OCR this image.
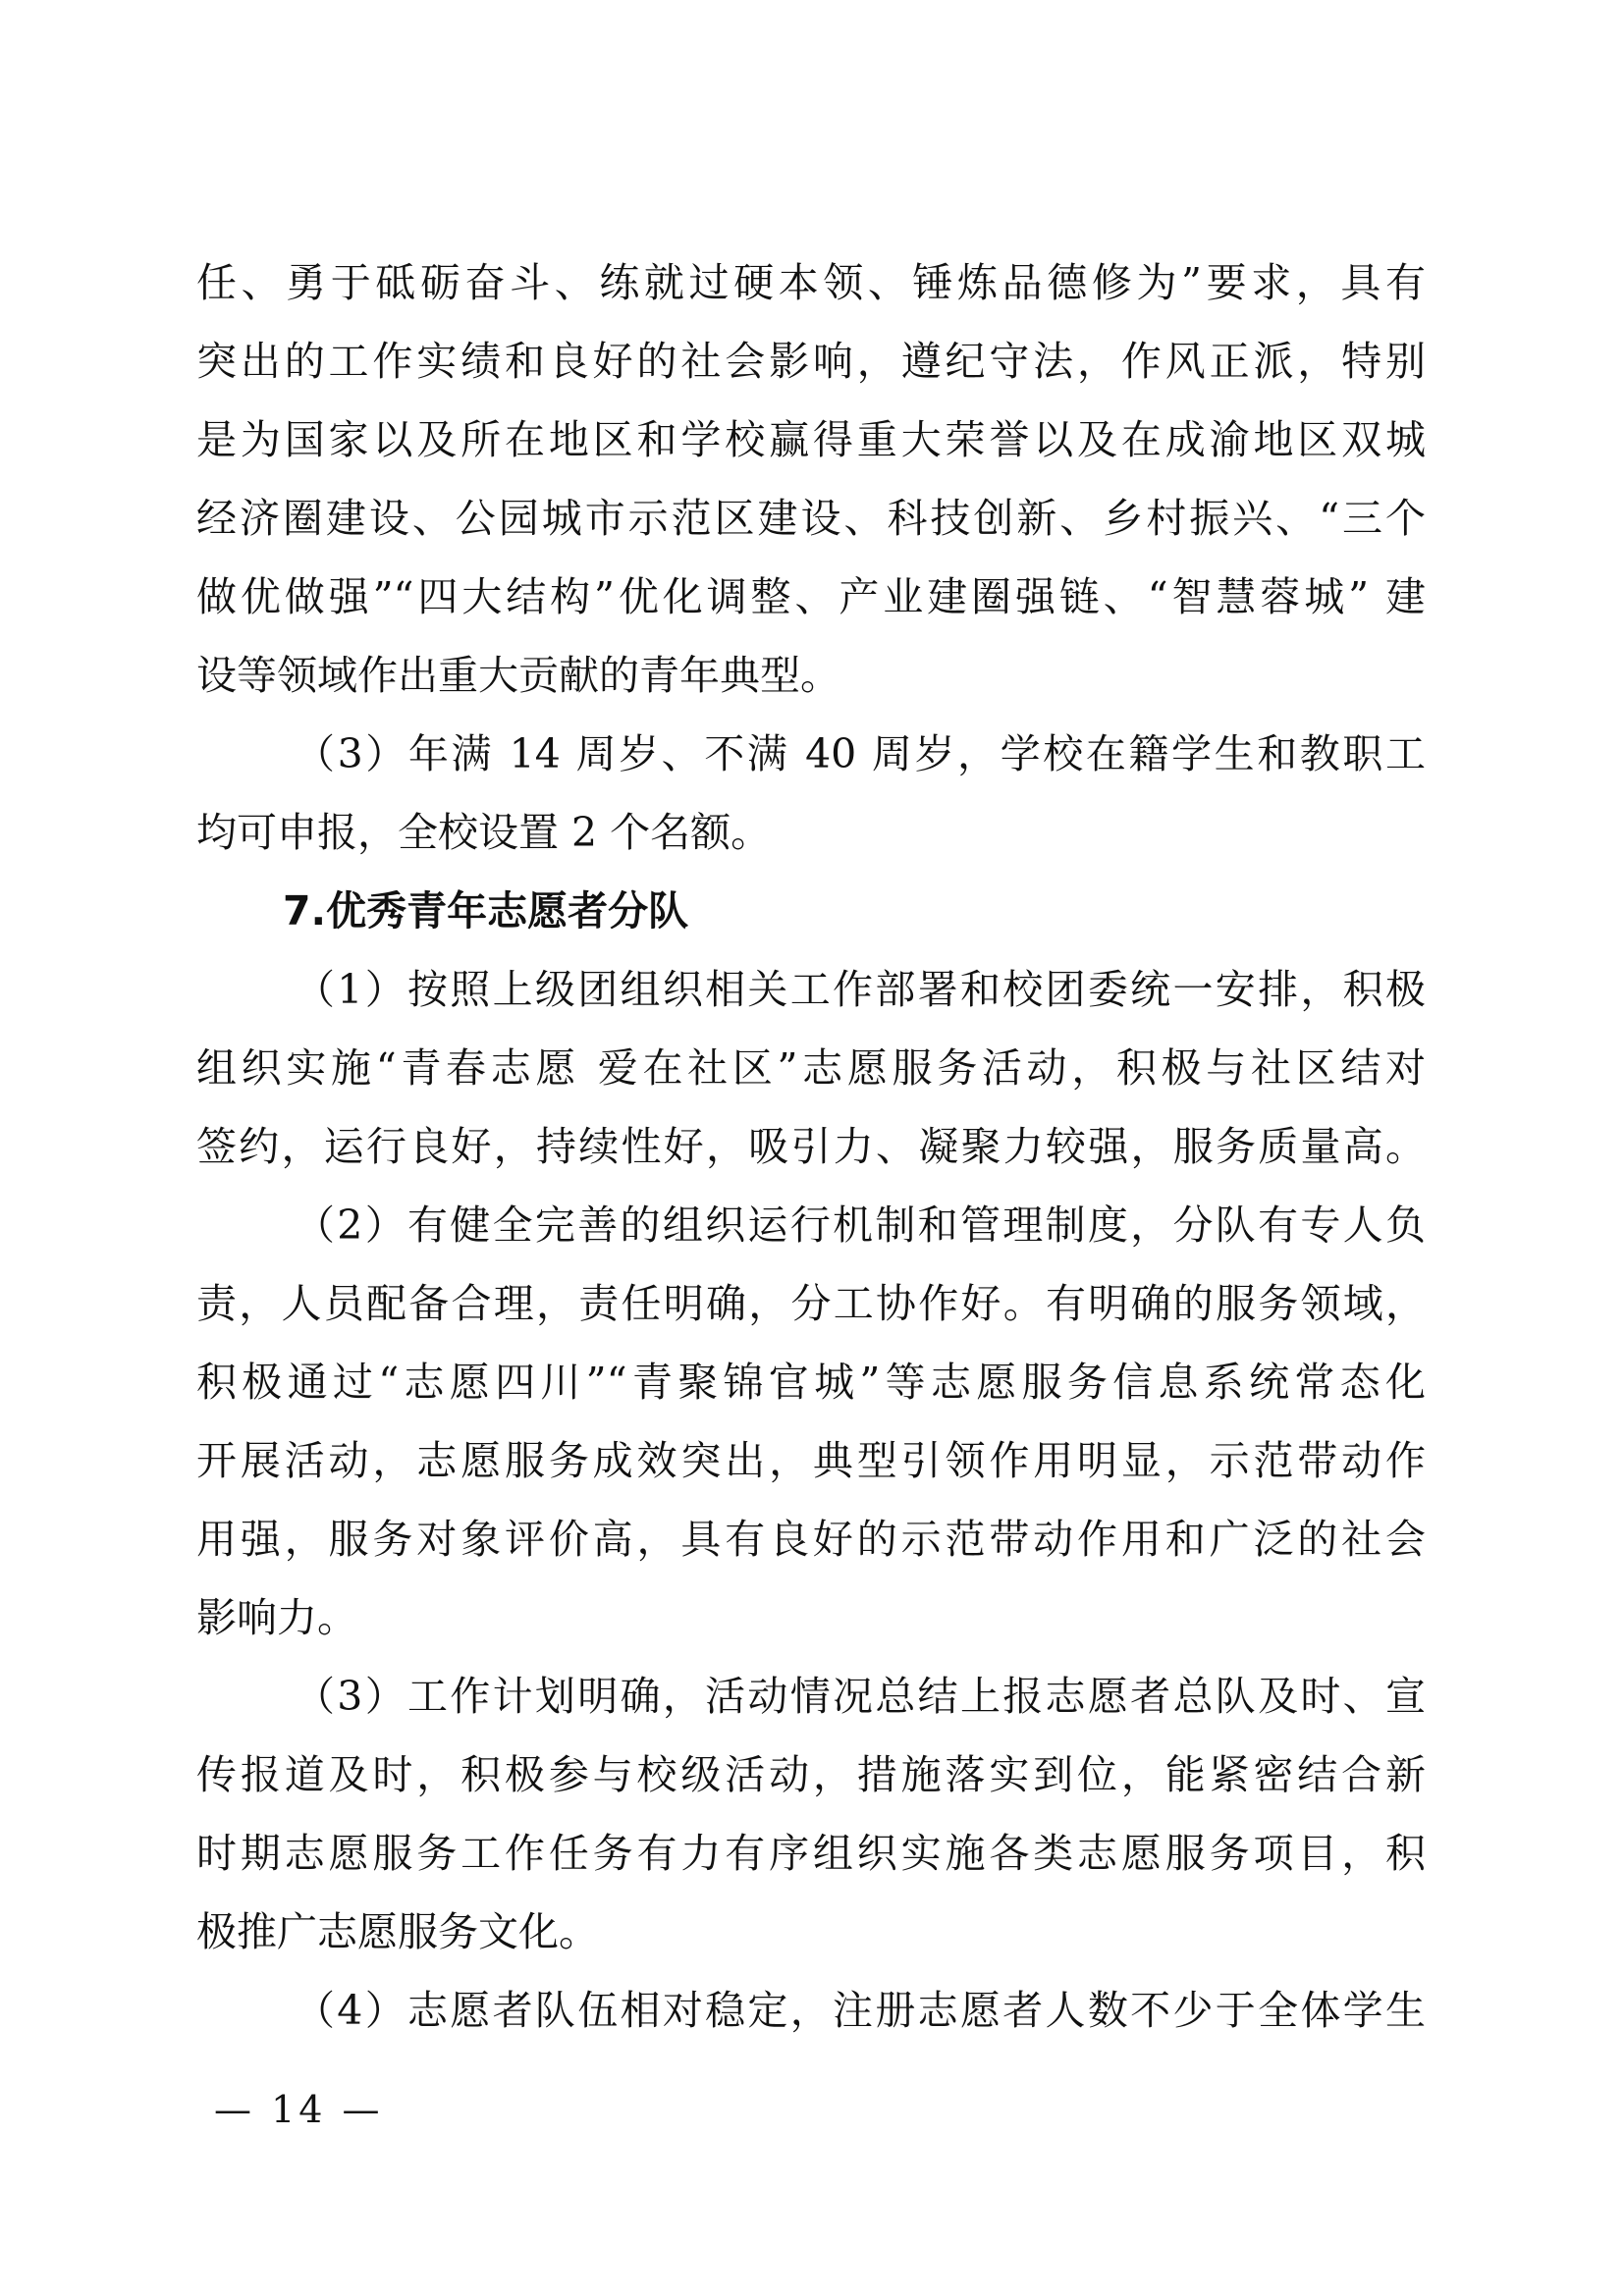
任、勇于砥砺奋斗、练就过硬本领、锤炼品德修为”要求，具有
突出的工作实绩和良好的社会影响，遵纪守法，作风正派，特别
是为国家以及所在地区和学校赢得重大荣誉以及在成渝地区双城
经济圈建设、公园城市示范区建设、科技创新、乡村振兴、“三个
做优做强”“四大结构”优化调整、产业建圈强链、“智慧蓉城” 建
设等领域作出重大贡献的青年典型。
（3）年满 14 周岁、不满 40 周岁，学校在籍学生和教职工
均可申报，全校设置 2 个名额。
7.优秀青年志愿者分队
（1）按照上级团组织相关工作部署和校团委统一安排，积极
组织实施“青春志愿 爱在社区”志愿服务活动，积极与社区结对
签约，运行良好，持续性好，吸引力、凝聚力较强，服务质量高。
（2）有健全完善的组织运行机制和管理制度，分队有专人负
责，人员配备合理，责任明确，分工协作好。有明确的服务领域，
积极通过“志愿四川”“青聚锦官城”等志愿服务信息系统常态化
开展活动，志愿服务成效突出，典型引领作用明显，示范带动作
用强，服务对象评价高，具有良好的示范带动作用和广泛的社会
影响力。
（3）工作计划明确，活动情况总结上报志愿者总队及时、宣
传报道及时，积极参与校级活动，措施落实到位，能紧密结合新
时期志愿服务工作任务有力有序组织实施各类志愿服务项目，积
极推广志愿服务文化。
（4）志愿者队伍相对稳定，注册志愿者人数不少于全体学生
— 14 —
